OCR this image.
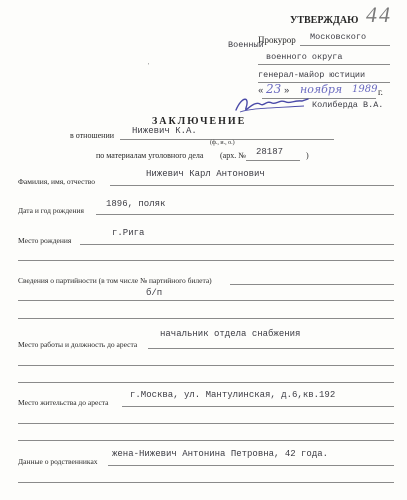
44
УТВЕРЖДАЮ
Военный
Прокурор Московского
военного округа
генерал-майор юстиции
« 23 » ноября 1989 г.
Колиберда В.А.
'
ЗАКЛЮЧЕНИЕ
в отношении Нижевич К.А.
(ф., и., о.)
по материалам уголовного дела (арх. № 28187	)
Фамилия, имя, отчество
Нижевич Карл Антонович
Дата и год рождения
1896, поляк
Место рождения
г.Рига
Сведения о партийности (в том числе № партийного билета)
б/п
начальник отдела снабжения
Место работы и должность до ареста
Место жительства до ареста
г.Москва, ул. Мантулинская, д.6,кв.192
Данные о родственниках
жена-Нижевич Антонина Петровна, 42 года.
